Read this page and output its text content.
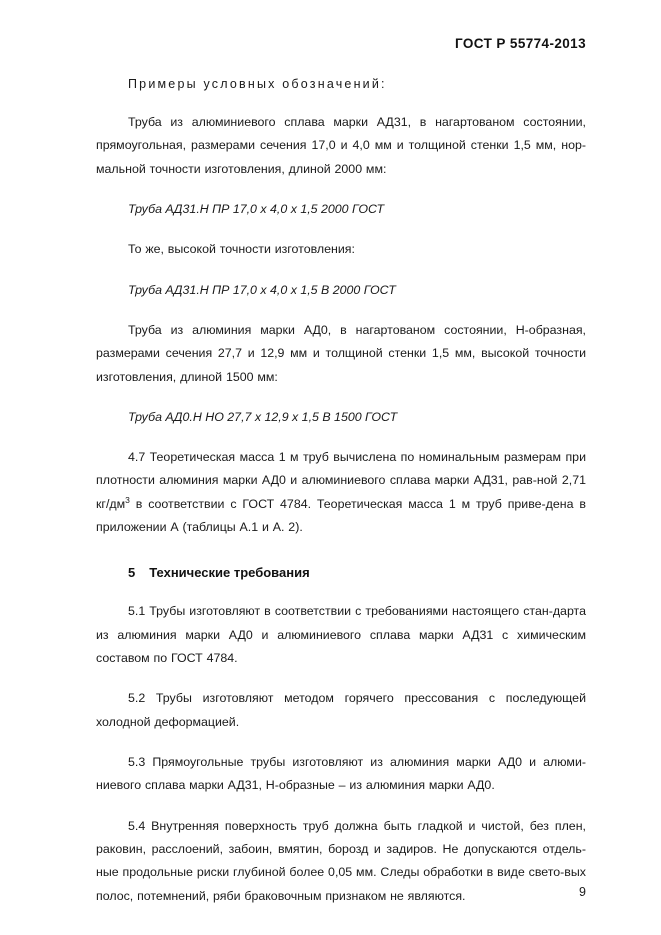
ГОСТ Р 55774-2013
Примеры условных обозначений:

Труба из алюминиевого сплава марки АД31, в нагартованом состоянии, прямоугольная, размерами сечения 17,0 и 4,0 мм и толщиной стенки 1,5 мм, нор-мальной точности изготовления, длиной 2000 мм:

Труба АД31.Н ПР 17,0 х 4,0 х 1,5 2000 ГОСТ

То же, высокой точности изготовления:

Труба АД31.Н ПР 17,0 х 4,0 х 1,5 В 2000 ГОСТ

Труба из алюминия марки АД0, в нагартованом состоянии, Н-образная, размерами сечения 27,7 и 12,9 мм и толщиной стенки 1,5 мм, высокой точности изготовления, длиной 1500 мм:

Труба АД0.Н НО 27,7 х 12,9 х 1,5 В 1500 ГОСТ

4.7 Теоретическая масса 1 м труб вычислена по номинальным размерам при плотности алюминия марки АД0 и алюминиевого сплава марки АД31, рав-ной 2,71 $кг/дм^3$ в соответствии с ГОСТ 4784. Теоретическая масса 1 м труб приве-дена в приложении А (таблицы А.1 и А. 2).

5 Технические требования

5.1 Трубы изготовляют в соответствии с требованиями настоящего стан-дарта из алюминия марки АД0 и алюминиевого сплава марки АД31 с химическим составом по ГОСТ 4784.

5.2 Трубы изготовляют методом горячего прессования с последующей холодной деформацией.

5.3 Прямоугольные трубы изготовляют из алюминия марки АД0 и алюми-ниевого сплава марки АД31, Н-образные – из алюминия марки АД0.

5.4 Внутренняя поверхность труб должна быть гладкой и чистой, без плен, раковин, расслоений, забоин, вмятин, борозд и задиров. Не допускаются отдель-ные продольные риски глубиной более 0,05 мм. Следы обработки в виде свето-вых полос, потемнений, ряби браковочным признаком не являются.	9
